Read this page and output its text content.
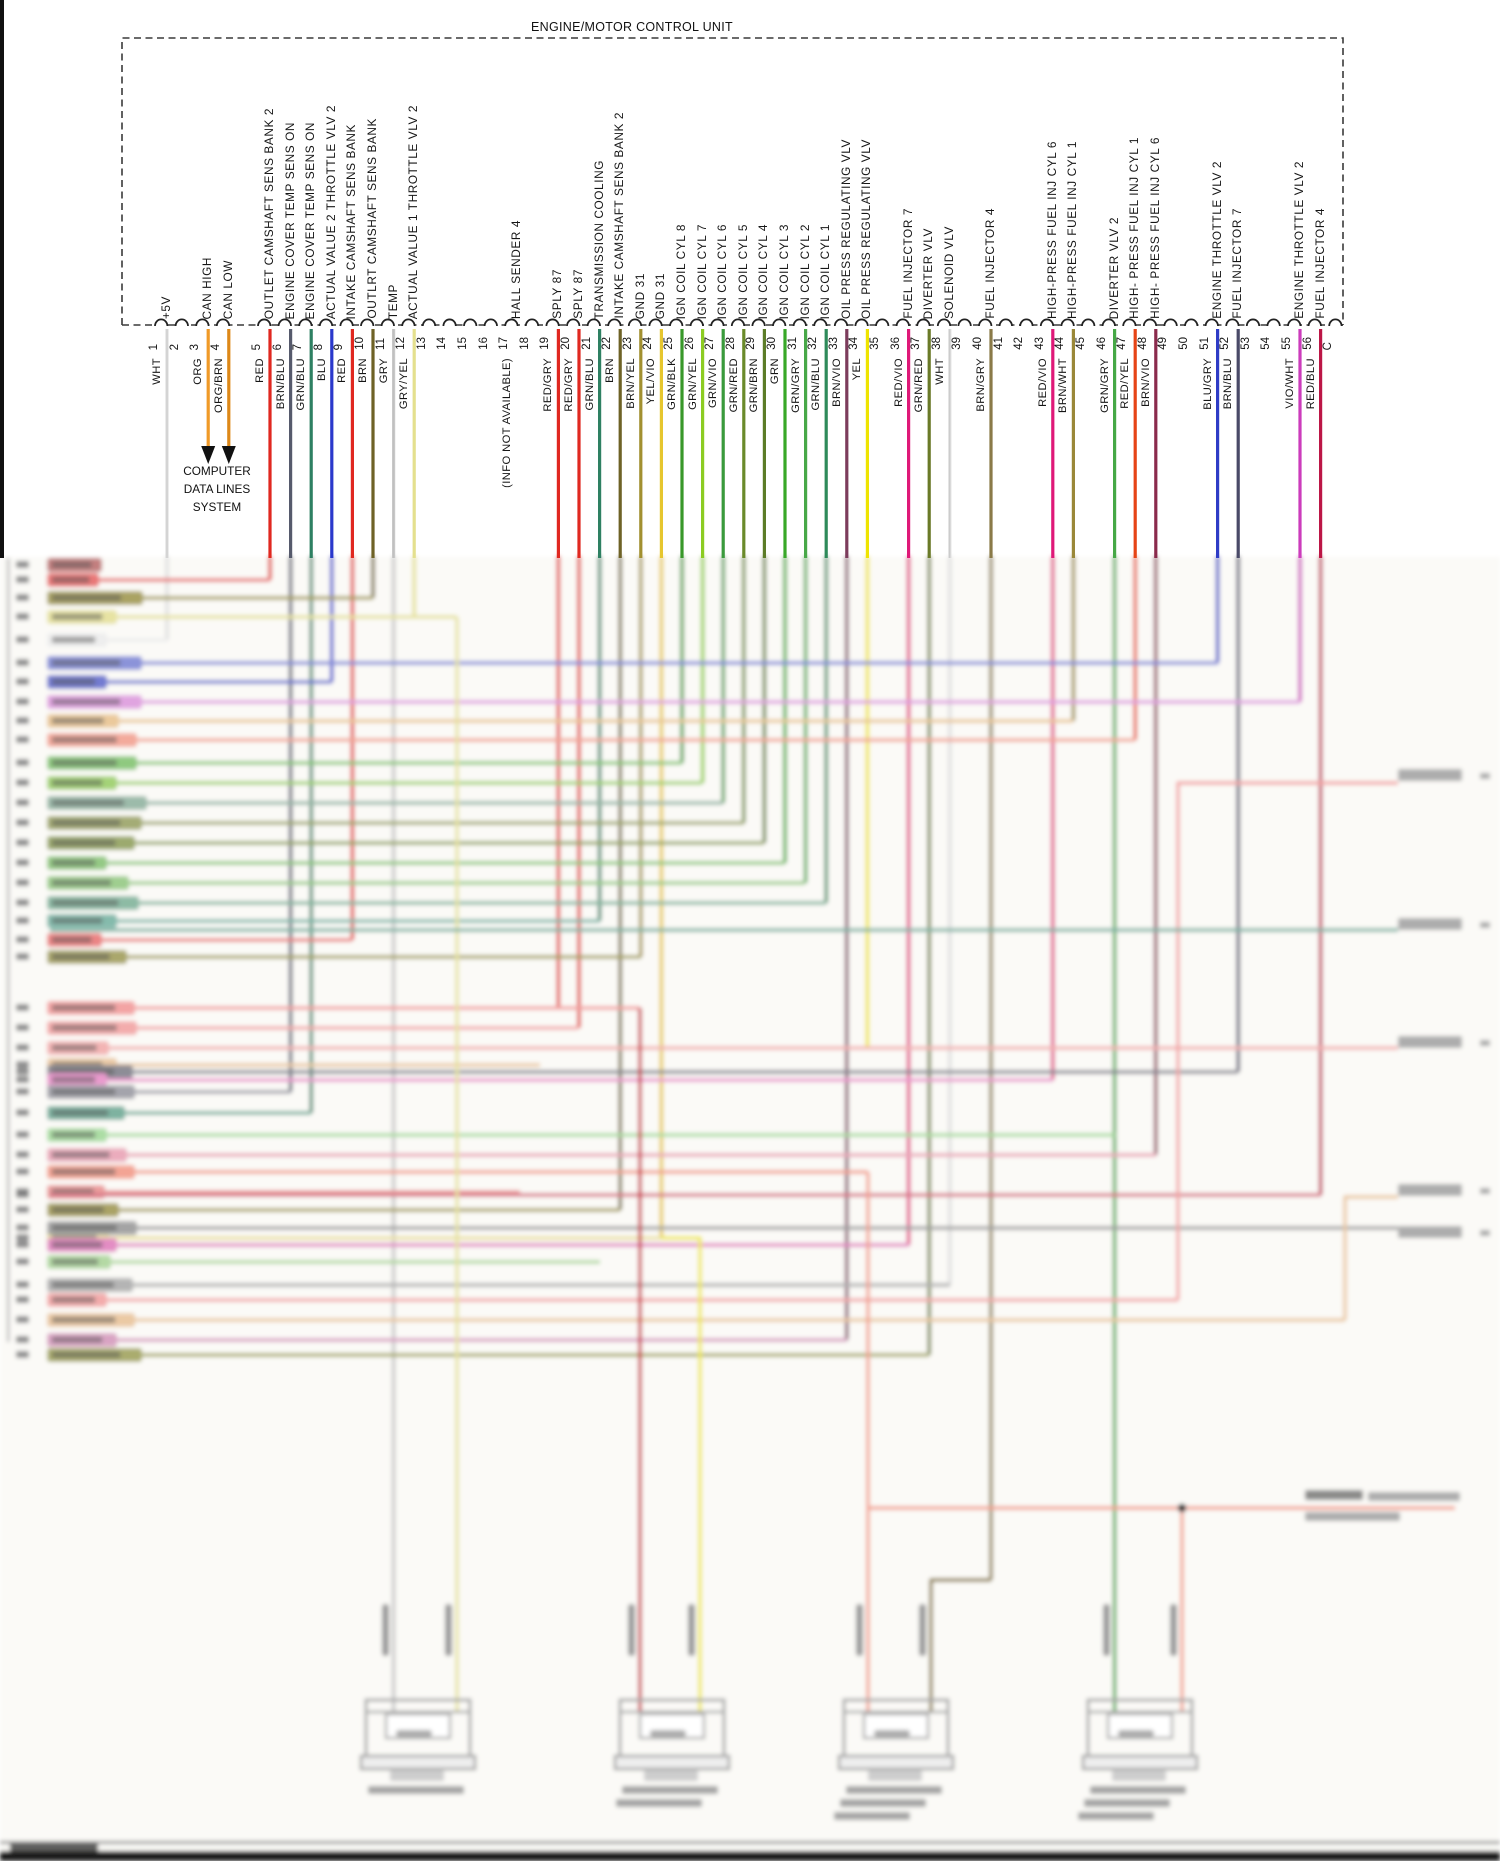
ENGINE/MOTOR CONTROL UNIT
1
+5V
WHT
2 3
CAN HIGH
ORG
4
CAN LOW
ORG/BRN
5
OUTLET CAMSHAFT SENS BANK 2
RED
6
ENGINE COVER TEMP SENS ON
BRN/BLU
7
ENGINE COVER TEMP SENS ON
GRN/BLU
8
ACTUAL VALUE 2 THROTTLE VLV 2
BLU
9
INTAKE CAMSHAFT SENS BANK
RED
10
OUTLRT CAMSHAFT SENS BANK
BRN
11
TEMP
GRY
12
ACTUAL VALUE 1 THROTTLE VLV 2
GRY/YEL
13 14 15 16 17
HALL SENDER 4
(INFO NOT AVAILABLE)
18 19
SPLY 87
RED/GRY
20
SPLY 87
RED/GRY
21
TRANSMISSION COOLING
GRN/BLU
22
INTAKE CAMSHAFT SENS BANK 2
BRN
23
GND 31
BRN/YEL
24
GND 31
YEL/VIO
25
IGN COIL CYL 8
GRN/BLK
26
IGN COIL CYL 7
GRN/YEL
27
IGN COIL CYL 6
GRN/VIO
28
IGN COIL CYL 5
GRN/RED
29
IGN COIL CYL 4
GRN/BRN
30
IGN COIL CYL 3
GRN
31
IGN COIL CYL 2
GRN/GRY
32
IGN COIL CYL 1
GRN/BLU
33
OIL PRESS REGULATING VLV
BRN/VIO
34
OIL PRESS REGULATING VLV
YEL
35 36
FUEL INJECTOR 7
RED/VIO
37
DIVERTER VLV
GRN/RED
38
SOLENOID VLV
WHT
39 40
FUEL INJECTOR 4
BRN/GRY
41 42 43
HIGH-PRESS FUEL INJ CYL 6
RED/VIO
44
HIGH-PRESS FUEL INJ CYL 1
BRN/WHT
45 46
DIVERTER VLV 2
GRN/GRY
47
HIGH- PRESS FUEL INJ CYL 1
RED/YEL
48
HIGH- PRESS FUEL INJ CYL 6
BRN/VIO
49 50 51
ENGINE THROTTLE VLV 2
BLU/GRY
52
FUEL INJECTOR 7
BRN/BLU
53 54 55
ENGINE THROTTLE VLV 2
VIO/WHT
56
FUEL INJECTOR 4
RED/BLU
C
COMPUTER
DATA LINES
SYSTEM
